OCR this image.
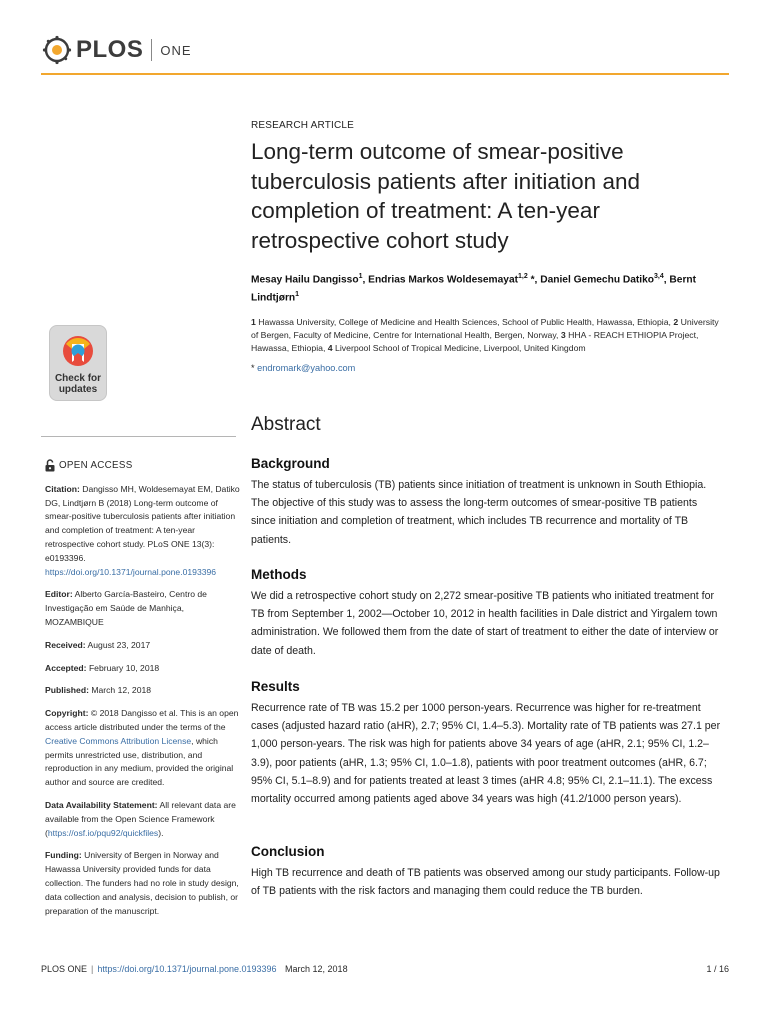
PLOS ONE
Check for
updates
OPEN ACCESS
Citation: Dangisso MH, Woldesemayat EM, Datiko DG, Lindtjørn B (2018) Long-term outcome of smear-positive tuberculosis patients after initiation and completion of treatment: A ten-year retrospective cohort study. PLoS ONE 13(3): e0193396. https://doi.org/10.1371/journal.pone.0193396
Editor: Alberto García-Basteiro, Centro de Investigação em Saúde de Manhiça, MOZAMBIQUE
Received: August 23, 2017
Accepted: February 10, 2018
Published: March 12, 2018
Copyright: © 2018 Dangisso et al. This is an open access article distributed under the terms of the Creative Commons Attribution License, which permits unrestricted use, distribution, and reproduction in any medium, provided the original author and source are credited.
Data Availability Statement: All relevant data are available from the Open Science Framework (https://osf.io/pqu92/quickfiles).
Funding: University of Bergen in Norway and Hawassa University provided funds for data collection. The funders had no role in study design, data collection and analysis, decision to publish, or preparation of the manuscript.
RESEARCH ARTICLE
Long-term outcome of smear-positive tuberculosis patients after initiation and completion of treatment: A ten-year retrospective cohort study
Mesay Hailu Dangisso$^1$, Endrias Markos Woldesemayat$^{1,2}$ *, Daniel Gemechu Datiko$^{3,4}$, Bernt Lindtjørn$^1$
1 Hawassa University, College of Medicine and Health Sciences, School of Public Health, Hawassa, Ethiopia, 2 University of Bergen, Faculty of Medicine, Centre for International Health, Bergen, Norway, 3 HHA - REACH ETHIOPIA Project, Hawassa, Ethiopia, 4 Liverpool School of Tropical Medicine, Liverpool, United Kingdom
* endromark@yahoo.com
Abstract
Background

The status of tuberculosis (TB) patients since initiation of treatment is unknown in South Ethiopia. The objective of this study was to assess the long-term outcomes of smear-positive TB patients since initiation and completion of treatment, which includes TB recurrence and mortality of TB patients.

Methods

We did a retrospective cohort study on 2,272 smear-positive TB patients who initiated treatment for TB from September 1, 2002—October 10, 2012 in health facilities in Dale district and Yirgalem town administration. We followed them from the date of start of treatment to either the date of interview or date of death.

Results

Recurrence rate of TB was 15.2 per 1000 person-years. Recurrence was higher for re-treatment cases (adjusted hazard ratio (aHR), 2.7; 95% CI, 1.4–5.3). Mortality rate of TB patients was 27.1 per 1,000 person-years. The risk was high for patients above 34 years of age (aHR, 2.1; 95% CI, 1.2–3.9), poor patients (aHR, 1.3; 95% CI, 1.0–1.8), patients with poor treatment outcomes (aHR, 6.7; 95% CI, 5.1–8.9) and for patients treated at least 3 times (aHR 4.8; 95% CI, 2.1–11.1). The excess mortality occurred among patients aged above 34 years was high (41.2/1000 person years).

Conclusion

High TB recurrence and death of TB patients was observed among our study participants. Follow-up of TB patients with the risk factors and managing them could reduce the TB burden.

PLOS ONE | https://doi.org/10.1371/journal.pone.0193396 March 12, 2018	1 / 16
